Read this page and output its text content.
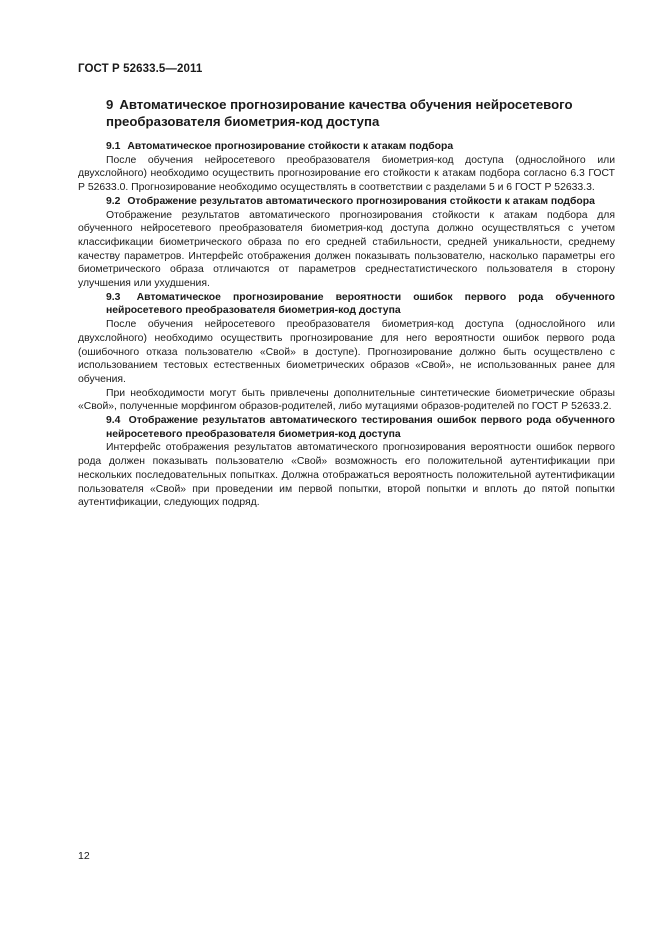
ГОСТ Р 52633.5—2011
9 Автоматическое прогнозирование качества обучения нейросетевого преобразователя биометрия-код доступа
9.1 Автоматическое прогнозирование стойкости к атакам подбора

После обучения нейросетевого преобразователя биометрия-код доступа (однослойного или двухслойного) необходимо осуществить прогнозирование его стойкости к атакам подбора согласно 6.3 ГОСТ Р 52633.0. Прогнозирование необходимо осуществлять в соответствии с разделами 5 и 6 ГОСТ Р 52633.3.

9.2 Отображение результатов автоматического прогнозирования стойкости к атакам подбора

Отображение результатов автоматического прогнозирования стойкости к атакам подбора для обученного нейросетевого преобразователя биометрия-код доступа должно осуществляться с учетом классификации биометрического образа по его средней стабильности, средней уникальности, среднему качеству параметров. Интерфейс отображения должен показывать пользователю, насколько параметры его биометрического образа отличаются от параметров среднестатистического пользователя в сторону улучшения или ухудшения.

9.3 Автоматическое прогнозирование вероятности ошибок первого рода обученного нейросетевого преобразователя биометрия-код доступа

После обучения нейросетевого преобразователя биометрия-код доступа (однослойного или двухслойного) необходимо осуществить прогнозирование для него вероятности ошибок первого рода (ошибочного отказа пользователю «Свой» в доступе). Прогнозирование должно быть осуществлено с использованием тестовых естественных биометрических образов «Свой», не использованных ранее для обучения.

При необходимости могут быть привлечены дополнительные синтетические биометрические образы «Свой», полученные морфингом образов-родителей, либо мутациями образов-родителей по ГОСТ Р 52633.2.

9.4 Отображение результатов автоматического тестирования ошибок первого рода обученного нейросетевого преобразователя биометрия-код доступа

Интерфейс отображения результатов автоматического прогнозирования вероятности ошибок первого рода должен показывать пользователю «Свой» возможность его положительной аутентификации при нескольких последовательных попытках. Должна отображаться вероятность положительной аутентификации пользователя «Свой» при проведении им первой попытки, второй попытки и вплоть до пятой попытки аутентификации, следующих подряд.

12
